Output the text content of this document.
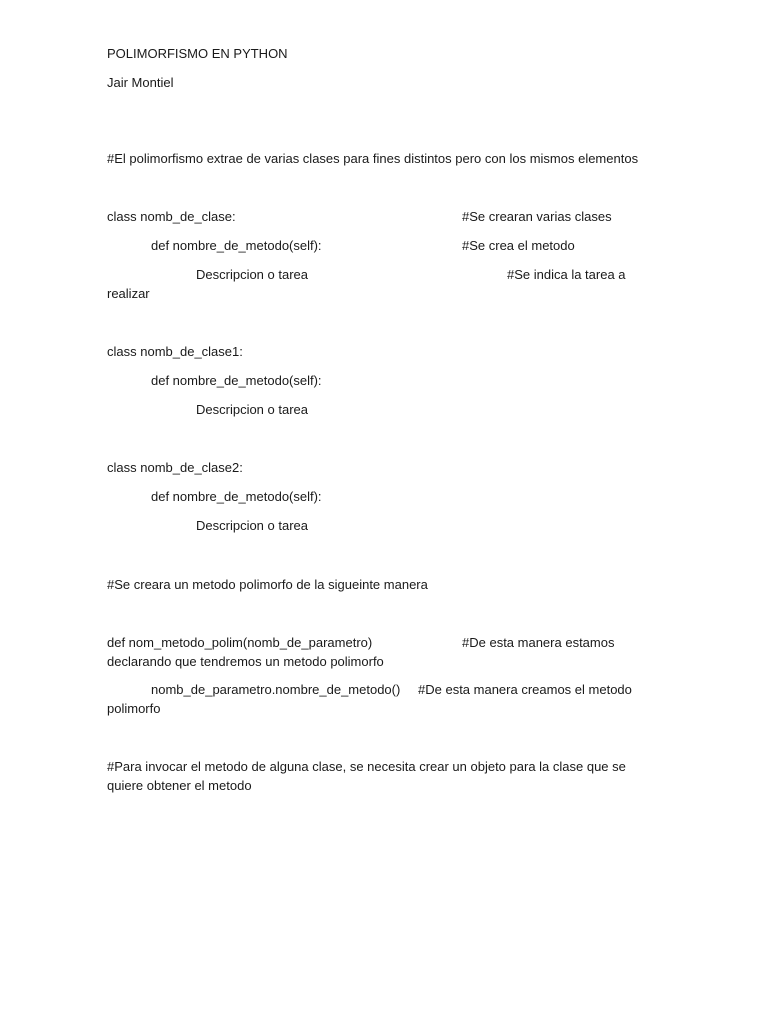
POLIMORFISMO EN PYTHON
Jair Montiel
#El polimorfismo extrae de varias clases para fines distintos pero con los mismos elementos
class nomb_de_clase:	#Se crearan varias clases
def nombre_de_metodo(self):	#Se crea el metodo
Descripcion o tarea	#Se indica la tarea a
realizar
class nomb_de_clase1:
def nombre_de_metodo(self):
Descripcion o tarea
class nomb_de_clase2:
def nombre_de_metodo(self):
Descripcion o tarea
#Se creara un metodo polimorfo de la sigueinte manera
def nom_metodo_polim(nomb_de_parametro)	#De esta manera estamos
declarando que tendremos un metodo polimorfo
nomb_de_parametro.nombre_de_metodo() #De esta manera creamos el metodo
polimorfo
#Para invocar el metodo de alguna clase, se necesita crear un objeto para la clase que se quiere obtener el metodo
